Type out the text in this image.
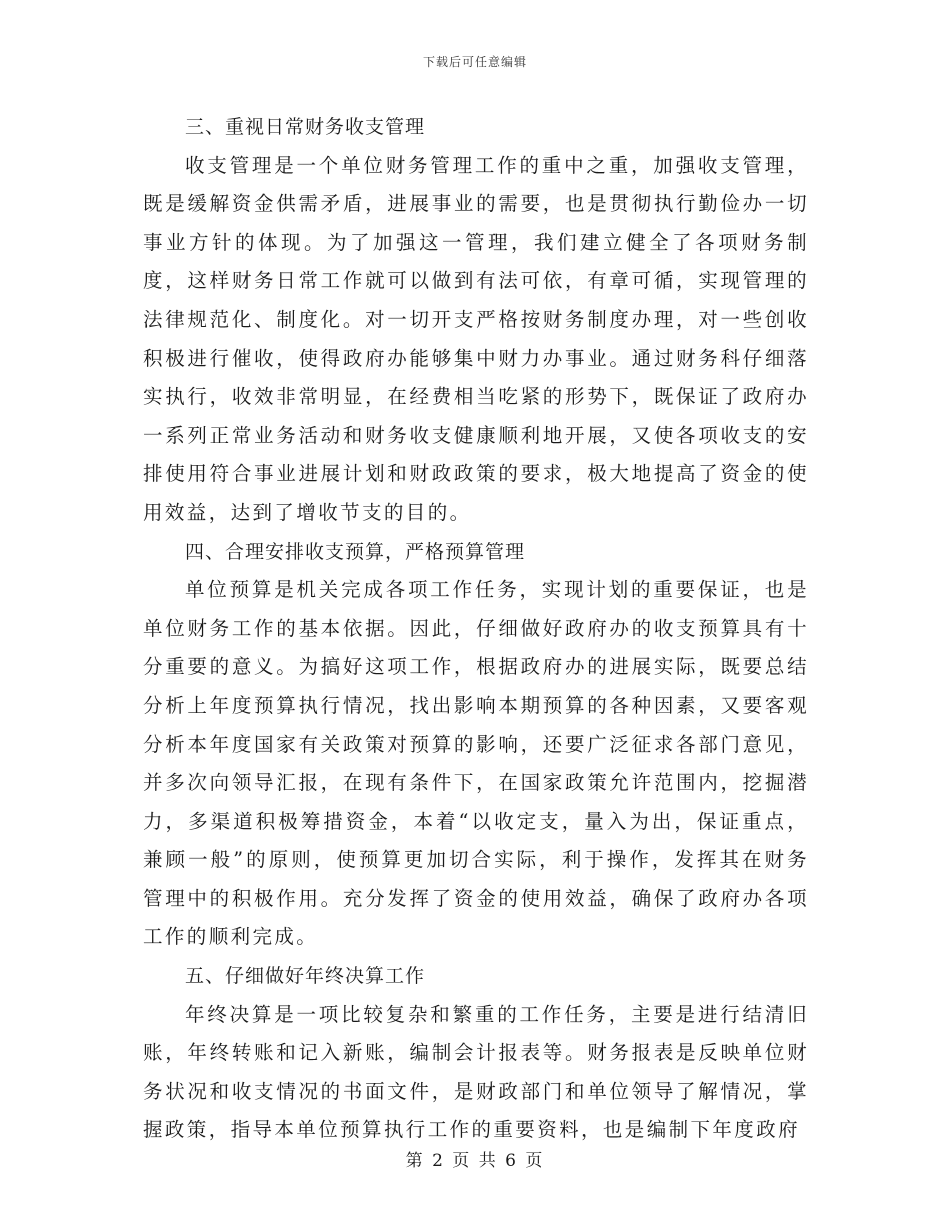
下载后可任意编辑
三、重视日常财务收支管理

收支管理是一个单位财务管理工作的重中之重，加强收支管理，既是缓解资金供需矛盾，进展事业的需要，也是贯彻执行勤俭办一切事业方针的体现。为了加强这一管理，我们建立健全了各项财务制度，这样财务日常工作就可以做到有法可依，有章可循，实现管理的法律规范化、制度化。对一切开支严格按财务制度办理，对一些创收积极进行催收，使得政府办能够集中财力办事业。通过财务科仔细落实执行，收效非常明显，在经费相当吃紧的形势下，既保证了政府办一系列正常业务活动和财务收支健康顺利地开展，又使各项收支的安排使用符合事业进展计划和财政政策的要求，极大地提高了资金的使用效益，达到了增收节支的目的。

四、合理安排收支预算，严格预算管理

单位预算是机关完成各项工作任务，实现计划的重要保证，也是单位财务工作的基本依据。因此，仔细做好政府办的收支预算具有十分重要的意义。为搞好这项工作，根据政府办的进展实际，既要总结分析上年度预算执行情况，找出影响本期预算的各种因素，又要客观分析本年度国家有关政策对预算的影响，还要广泛征求各部门意见，并多次向领导汇报，在现有条件下，在国家政策允许范围内，挖掘潜力，多渠道积极筹措资金，本着“以收定支，量入为出，保证重点，兼顾一般”的原则，使预算更加切合实际，利于操作，发挥其在财务管理中的积极作用。充分发挥了资金的使用效益，确保了政府办各项工作的顺利完成。

五、仔细做好年终决算工作

年终决算是一项比较复杂和繁重的工作任务，主要是进行结清旧账，年终转账和记入新账，编制会计报表等。财务报表是反映单位财务状况和收支情况的书面文件，是财政部门和单位领导了解情况，掌握政策，指导本单位预算执行工作的重要资料，也是编制下年度政府

第 2 页 共 6 页
